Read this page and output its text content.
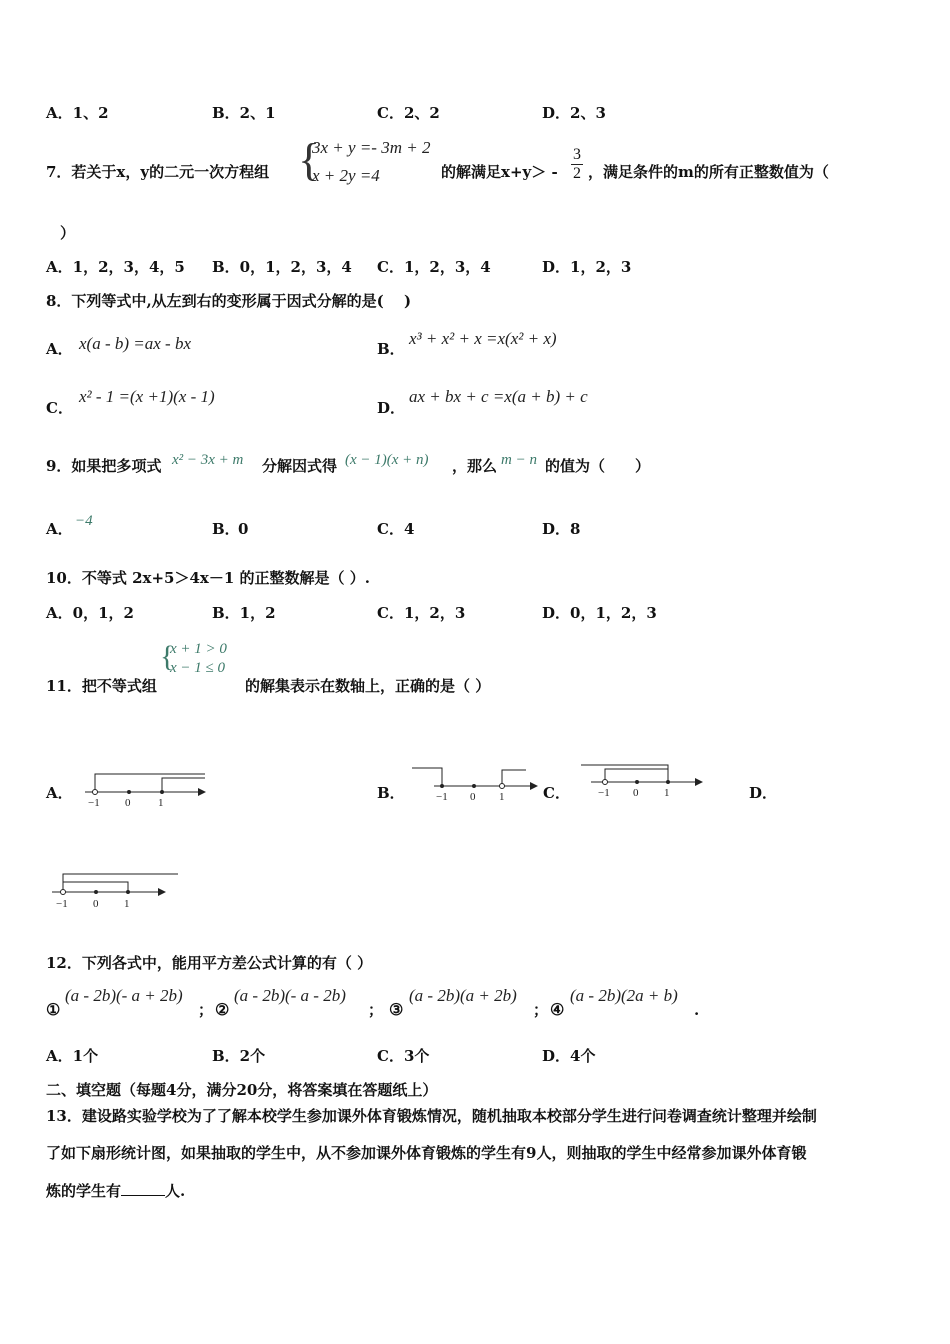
A．1、2	B．2、1	C．2、2	D．2、3
7．若关于x，y的二元一次方程组 {
3x + y =- 3m + 2
x + 2y =4	的解满足$x+y> - \frac{3}{2}$ ，满足条件的m的所有正整数值为（
）
A．1，2，3，4，5 B．0，1，2，3，4 C．1，2，3，4	D．1，2，3
8．下列等式中,从左到右的变形属于因式分解的是(　 )
A． x(a - b) =ax - bx	B．
x³ + x² + x =x(x² + x)
C．
x² - 1 =(x +1)(x - 1)
D．
ax + bx + c =x(a + b) + c
9．如果把多项式 x² − 3x + m 分解因式得 (x − 1)(x + n) ，那么 m − n 的值为（　　）
A． −4	B．
0	C． 4	D． 8
10．不等式 2x+5＞4x－1 的正整数解是（ ）.
A．0，1，2	B．1，2	C．1，2，3	D．0，1，2，3
11．把不等式组
{
x + 1 > 0
x − 1 ≤ 0
的解集表示在数轴上，正确的是（ ）
A．
−1 0	1
B．	−1 0 1	C．	−1 0 1	D．
−1 0 1
12．下列各式中，能用平方差公式计算的有（ ）
①
(a - 2b)(- a + 2b)
； ②
(a - 2b)(- a - 2b)
； ③
(a - 2b)(a + 2b)
； ④
(a - 2b)(2a + b)
.
A．1个	B．2个	C．3个	D．4个
二、填空题（每题4分，满分20分，将答案填在答题纸上）
13．建设路实验学校为了了解本校学生参加课外体育锻炼情况，随机抽取本校部分学生进行问卷调查统计整理并绘制
了如下扇形统计图，如果抽取的学生中，从不参加课外体育锻炼的学生有9人，则抽取的学生中经常参加课外体育锻
炼的学生有	人.
